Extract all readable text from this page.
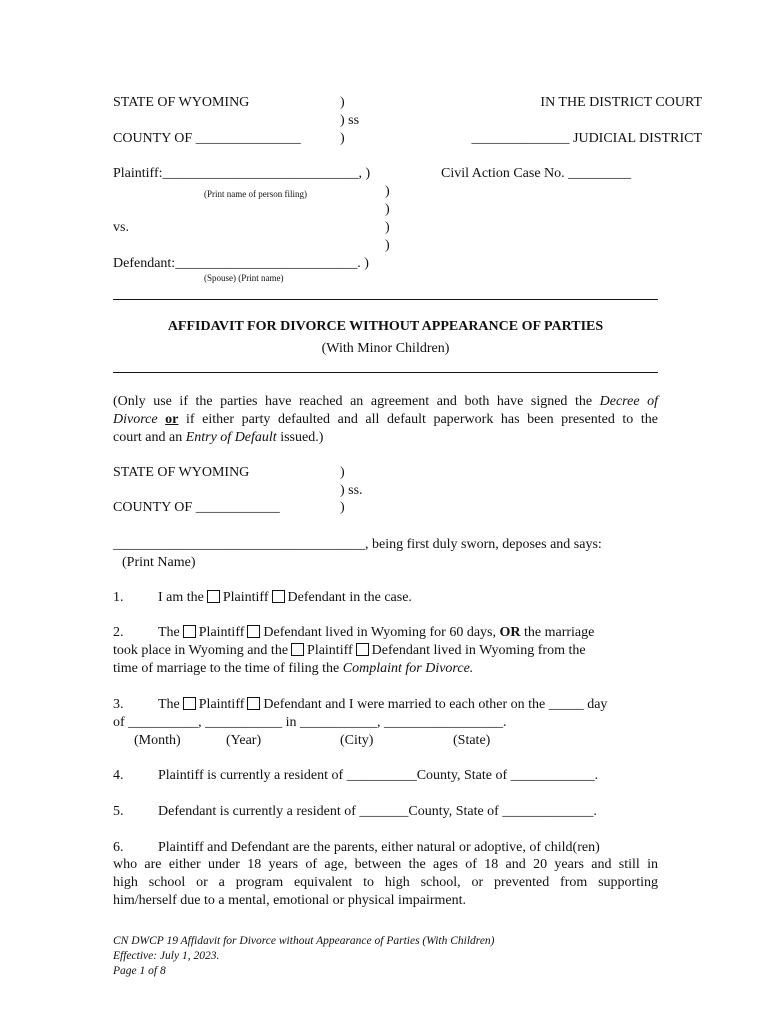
STATE OF WYOMING	)
) ss
)
COUNTY OF _______________
IN THE DISTRICT COURT
______________ JUDICIAL DISTRICT
Plaintiff:____________________________, )
(Print name of person filing)
Civil Action Case No. _________
)
)
vs.	)
)
Defendant:__________________________. )
(Spouse) (Print name)
AFFIDAVIT FOR DIVORCE WITHOUT APPEARANCE OF PARTIES
(With Minor Children)
(Only use if the parties have reached an agreement and both have signed the Decree of
Divorce or if either party defaulted and all default paperwork has been presented to the
court and an Entry of Default issued.)
STATE OF WYOMING	)
) ss.
COUNTY OF ____________	)
____________________________________, being first duly sworn, deposes and says:
(Print Name)
1. I am the Plaintiff Defendant in the case.
2. The Plaintiff Defendant lived in Wyoming for 60 days, OR the marriage
took place in Wyoming and the Plaintiff Defendant lived in Wyoming from the
time of marriage to the time of filing the Complaint for Divorce.
3. The Plaintiff Defendant and I were married to each other on the _____ day
of __________, ___________ in ___________, _________________.
(Month)	(Year)	(City)	(State)
4. Plaintiff is currently a resident of __________County, State of ____________.
5. Defendant is currently a resident of _______County, State of _____________.
6. Plaintiff and Defendant are the parents, either natural or adoptive, of child(ren)
who are either under 18 years of age, between the ages of 18 and 20 years and still in
high school or a program equivalent to high school, or prevented from supporting
him/herself due to a mental, emotional or physical impairment.
CN DWCP 19 Affidavit for Divorce without Appearance of Parties (With Children)
Effective: July 1, 2023.
Page 1 of 8
